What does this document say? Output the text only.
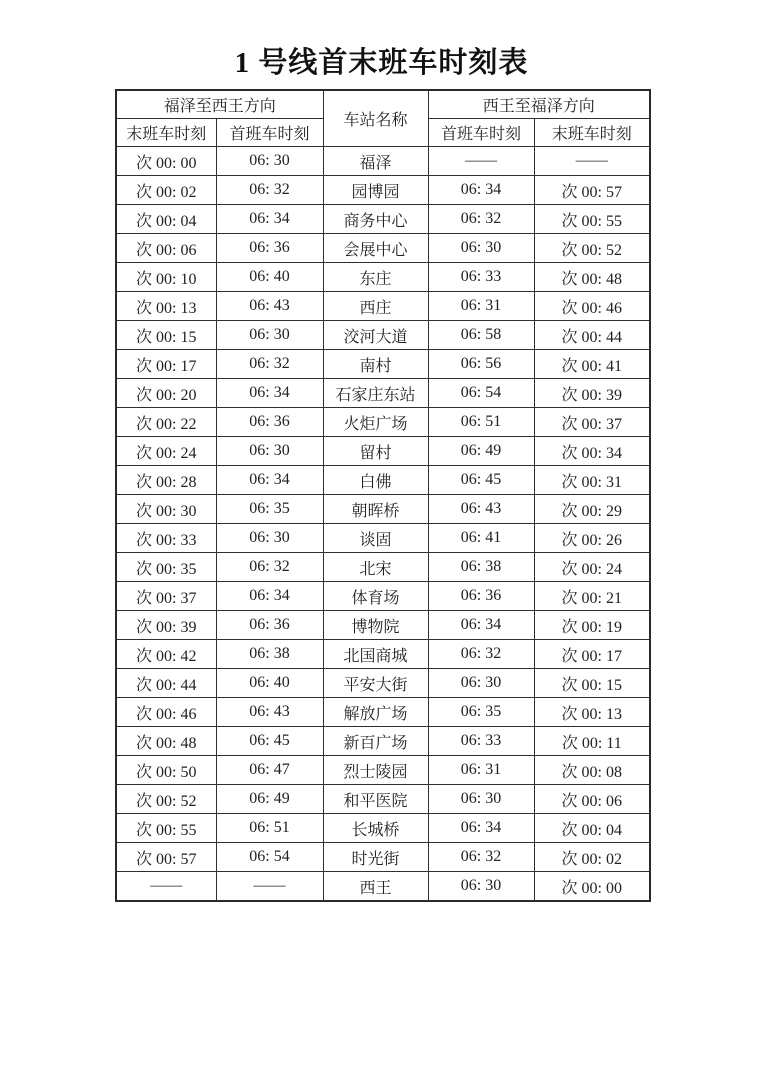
1 号线首末班车时刻表
福泽至西王方向		车站名称	西王至福泽方向	
末班车时刻	首班车时刻		首班车时刻	末班车时刻
次 00: 00	06: 30	福泽	——	——
次 00: 02	06: 32	园博园	06: 34	次 00: 57
次 00: 04	06: 34	商务中心	06: 32	次 00: 55
次 00: 06	06: 36	会展中心	06: 30	次 00: 52
次 00: 10	06: 40	东庄	06: 33	次 00: 48
次 00: 13	06: 43	西庄	06: 31	次 00: 46
次 00: 15	06: 30	洨河大道	06: 58	次 00: 44
次 00: 17	06: 32	南村	06: 56	次 00: 41
次 00: 20	06: 34	石家庄东站	06: 54	次 00: 39
次 00: 22	06: 36	火炬广场	06: 51	次 00: 37
次 00: 24	06: 30	留村	06: 49	次 00: 34
次 00: 28	06: 34	白佛	06: 45	次 00: 31
次 00: 30	06: 35	朝晖桥	06: 43	次 00: 29
次 00: 33	06: 30	谈固	06: 41	次 00: 26
次 00: 35	06: 32	北宋	06: 38	次 00: 24
次 00: 37	06: 34	体育场	06: 36	次 00: 21
次 00: 39	06: 36	博物院	06: 34	次 00: 19
次 00: 42	06: 38	北国商城	06: 32	次 00: 17
次 00: 44	06: 40	平安大街	06: 30	次 00: 15
次 00: 46	06: 43	解放广场	06: 35	次 00: 13
次 00: 48	06: 45	新百广场	06: 33	次 00: 11
次 00: 50	06: 47	烈士陵园	06: 31	次 00: 08
次 00: 52	06: 49	和平医院	06: 30	次 00: 06
次 00: 55	06: 51	长城桥	06: 34	次 00: 04
次 00: 57	06: 54	时光街	06: 32	次 00: 02
——	——	西王	06: 30	次 00: 00
